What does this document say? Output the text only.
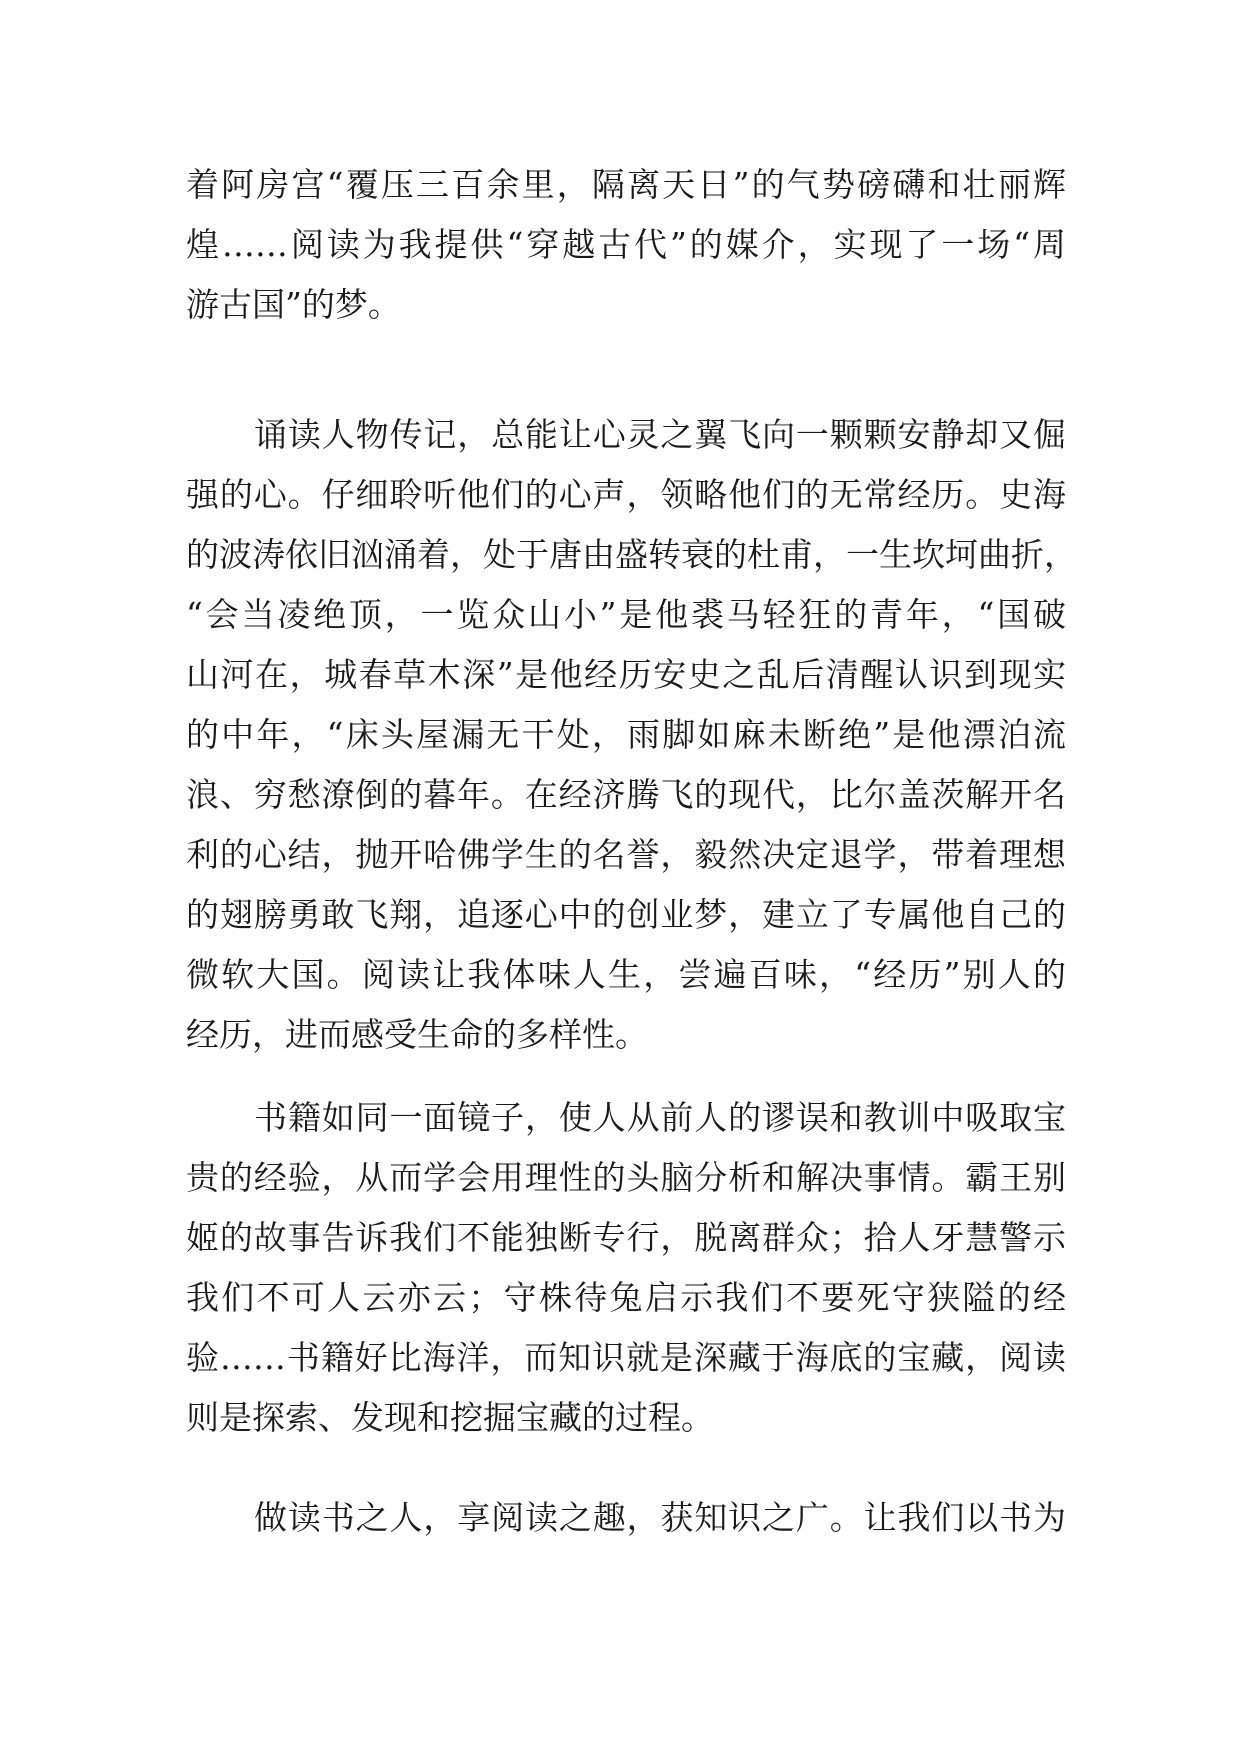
着阿房宫“覆压三百余里，隔离天日”的气势磅礴和壮丽辉
煌……阅读为我提供“穿越古代”的媒介，实现了一场“周
游古国”的梦。
诵读人物传记，总能让心灵之翼飞向一颗颗安静却又倔
强的心。仔细聆听他们的心声，领略他们的无常经历。史海
的波涛依旧汹涌着，处于唐由盛转衰的杜甫，一生坎坷曲折，
“会当凌绝顶，一览众山小”是他裘马轻狂的青年，“国破
山河在，城春草木深”是他经历安史之乱后清醒认识到现实
的中年，“床头屋漏无干处，雨脚如麻未断绝”是他漂泊流
浪、穷愁潦倒的暮年。在经济腾飞的现代，比尔盖茨解开名
利的心结，抛开哈佛学生的名誉，毅然决定退学，带着理想
的翅膀勇敢飞翔，追逐心中的创业梦，建立了专属他自己的
微软大国。阅读让我体味人生，尝遍百味，“经历”别人的
经历，进而感受生命的多样性。
书籍如同一面镜子，使人从前人的谬误和教训中吸取宝
贵的经验，从而学会用理性的头脑分析和解决事情。霸王别
姬的故事告诉我们不能独断专行，脱离群众；拾人牙慧警示
我们不可人云亦云；守株待兔启示我们不要死守狭隘的经
验……书籍好比海洋，而知识就是深藏于海底的宝藏，阅读
则是探索、发现和挖掘宝藏的过程。
做读书之人，享阅读之趣，获知识之广。让我们以书为
